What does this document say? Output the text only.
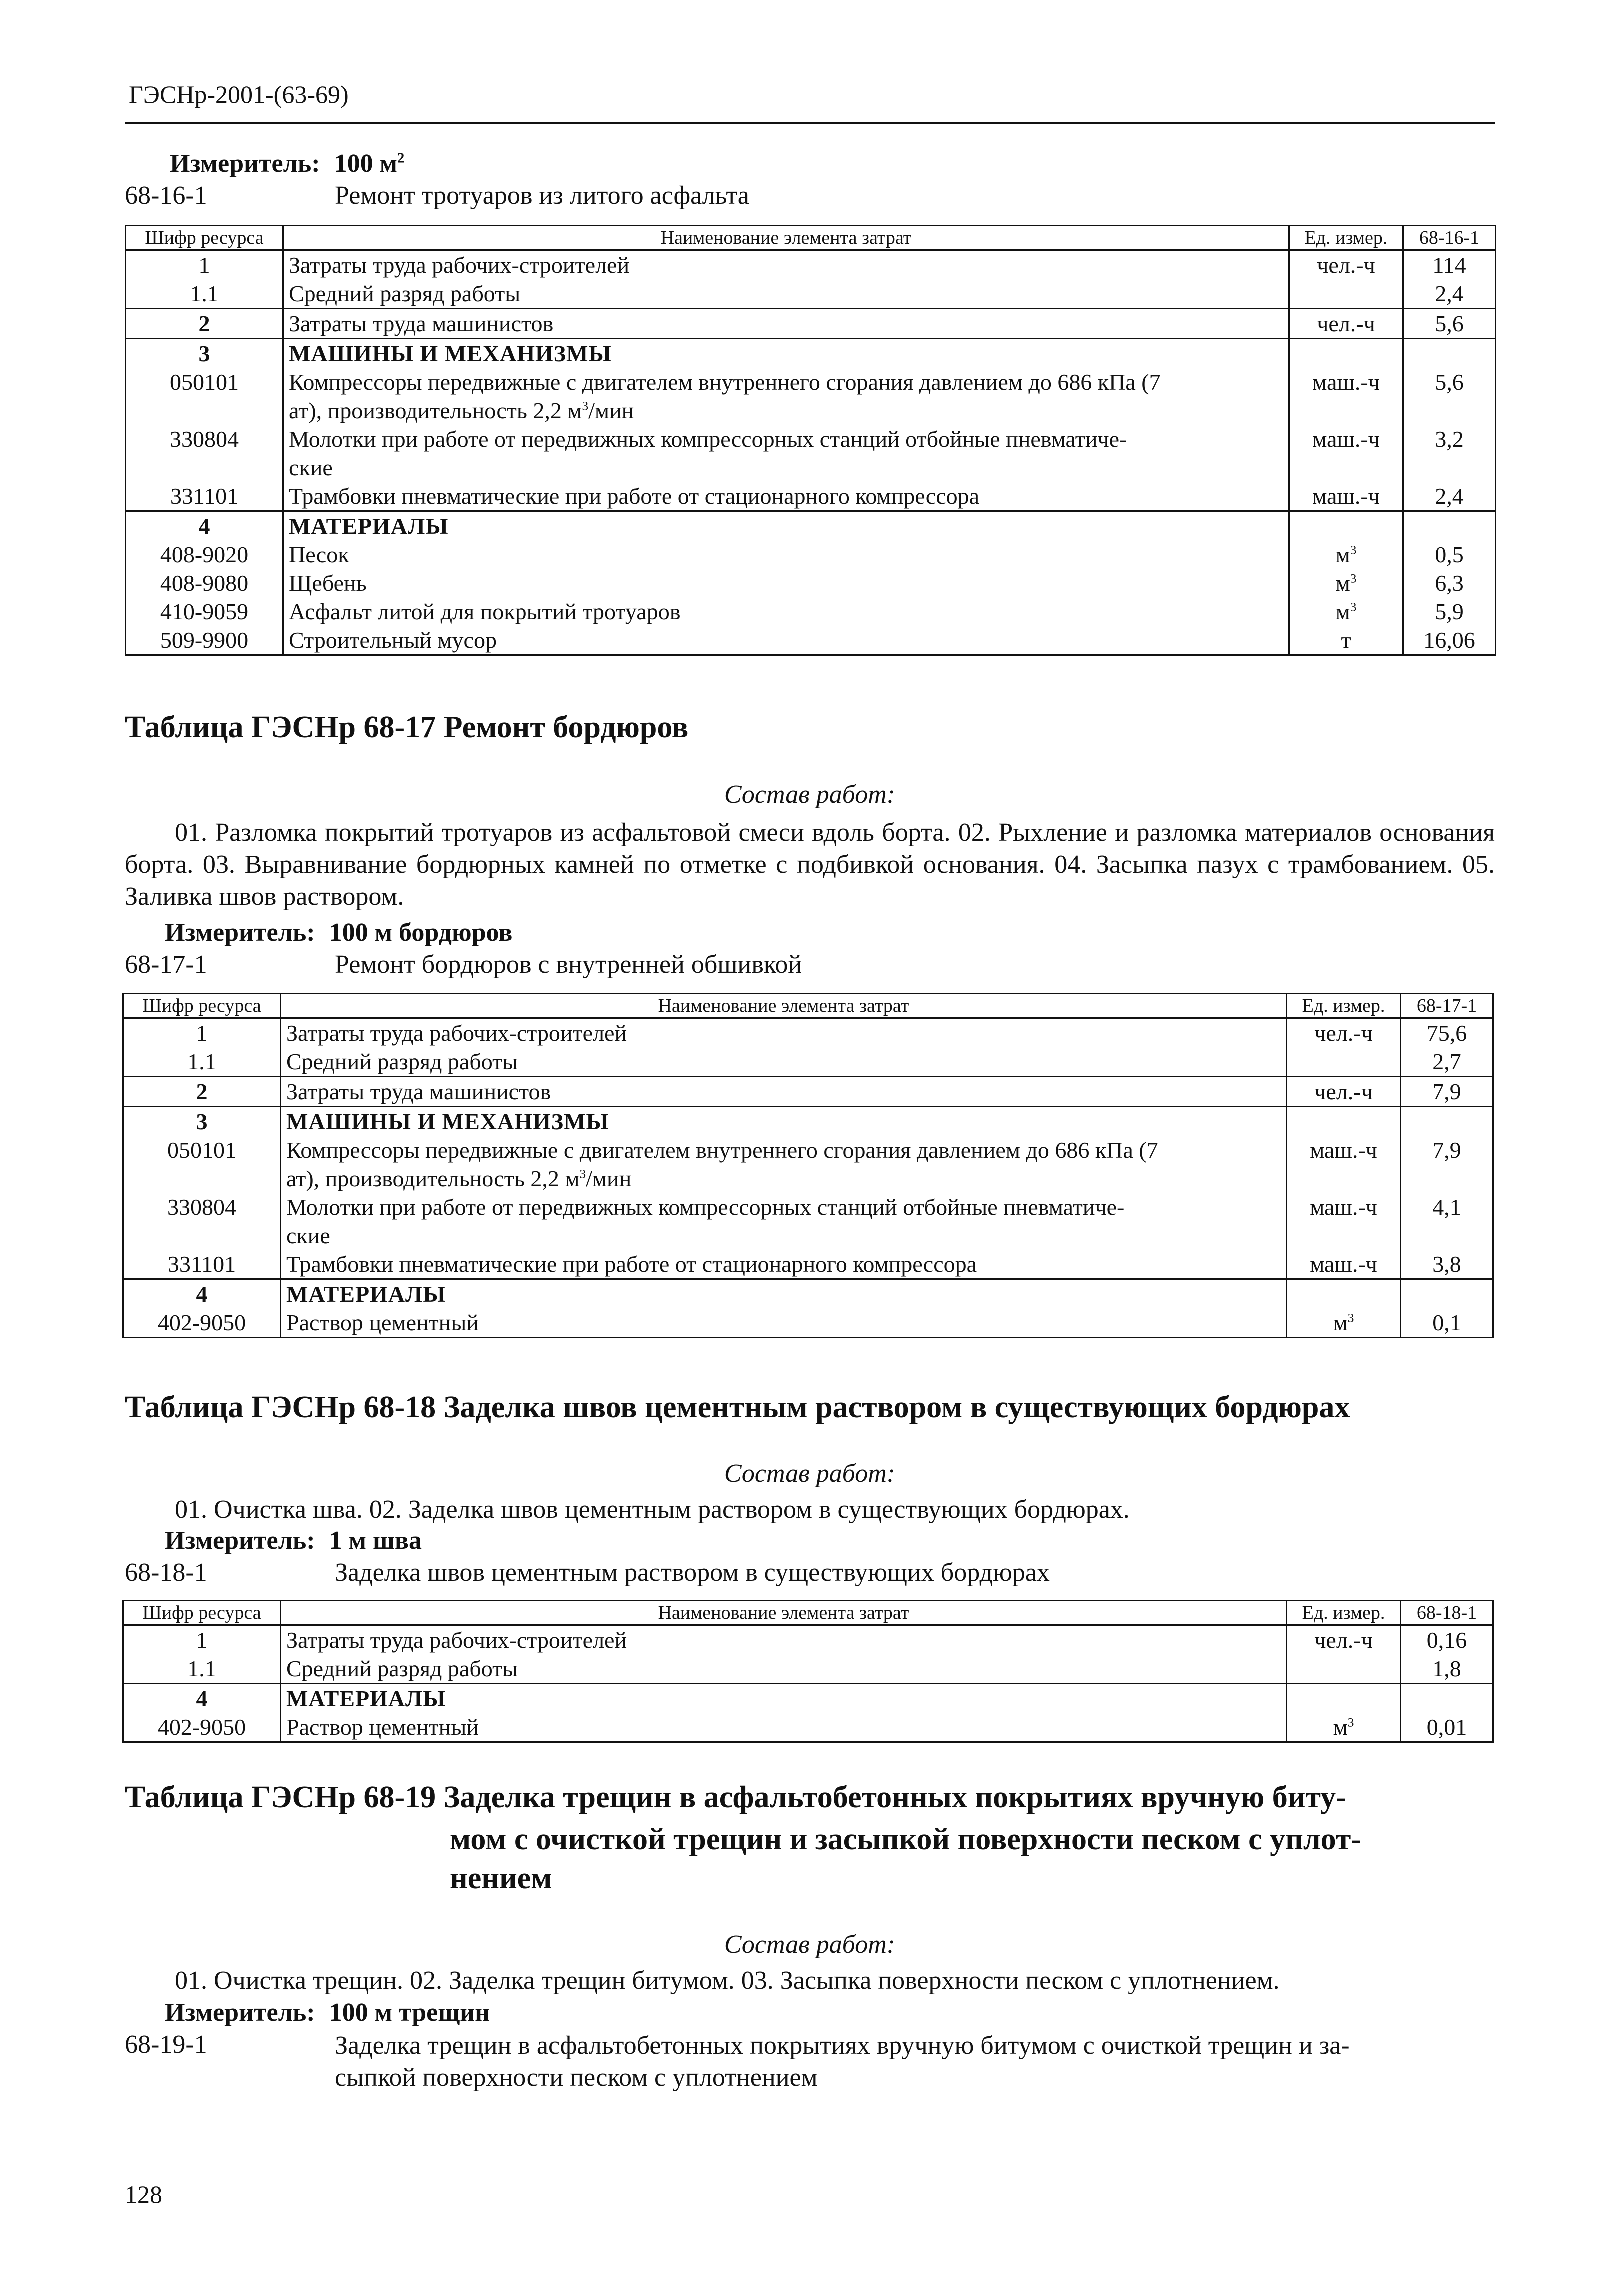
ГЭСНр-2001-(63-69)
Измеритель: 100 $м^2$
68-16-1	Ремонт тротуаров из литого асфальта
Шифр ресурса	Наименование элемента затрат	Ед. измер.	68-16-1
1	Затраты труда рабочих-строителей	чел.-ч	114
1.1	Средний разряд работы		2,4
2	Затраты труда машинистов	чел.-ч	5,6
3	МАШИНЫ И МЕХАНИЗМЫ		
050101	Компрессоры передвижные с двигателем внутреннего сгорания давлением до 686 кПа (7
ат), производительность 2,2 $м^3$/мин	маш.-ч	5,6
330804	Молотки при работе от передвижных компрессорных станций отбойные пневматиче-
ские	маш.-ч	3,2
331101	Трамбовки пневматические при работе от стационарного компрессора	маш.-ч	2,4
4	МАТЕРИАЛЫ		
408-9020	Песок	$м^3$	0,5
408-9080	Щебень	$м^3$	6,3
410-9059	Асфальт литой для покрытий тротуаров	$м^3$	5,9
509-9900	Строительный мусор	т	16,06
Таблица ГЭСНр 68-17 Ремонт бордюров
Состав работ:
01. Разломка покрытий тротуаров из асфальтовой смеси вдоль борта. 02. Рыхление и разломка материалов основания борта. 03. Выравнивание бордюрных камней по отметке с подбивкой основания. 04. Засыпка пазух с трамбованием. 05. Заливка швов раствором.
Измеритель: 100 м бордюров
68-17-1	Ремонт бордюров с внутренней обшивкой
Шифр ресурса	Наименование элемента затрат	Ед. измер.	68-17-1
1	Затраты труда рабочих-строителей	чел.-ч	75,6
1.1	Средний разряд работы		2,7
2	Затраты труда машинистов	чел.-ч	7,9
3	МАШИНЫ И МЕХАНИЗМЫ		
050101	Компрессоры передвижные с двигателем внутреннего сгорания давлением до 686 кПа (7
ат), производительность 2,2 $м^3$/мин	маш.-ч	7,9
330804	Молотки при работе от передвижных компрессорных станций отбойные пневматиче-
ские	маш.-ч	4,1
331101	Трамбовки пневматические при работе от стационарного компрессора	маш.-ч	3,8
4	МАТЕРИАЛЫ		
402-9050	Раствор цементный	$м^3$	0,1
Таблица ГЭСНр 68-18 Заделка швов цементным раствором в существующих бордюрах
Состав работ:
01. Очистка шва. 02. Заделка швов цементным раствором в существующих бордюрах.
Измеритель: 1 м шва
68-18-1	Заделка швов цементным раствором в существующих бордюрах
Шифр ресурса	Наименование элемента затрат	Ед. измер.	68-18-1
1	Затраты труда рабочих-строителей	чел.-ч	0,16
1.1	Средний разряд работы		1,8
4	МАТЕРИАЛЫ		
402-9050	Раствор цементный	$м^3$	0,01
Таблица ГЭСНр 68-19 Заделка трещин в асфальтобетонных покрытиях вручную биту-
мом с очисткой трещин и засыпкой поверхности песком с уплот-
нением
Состав работ:
01. Очистка трещин. 02. Заделка трещин битумом. 03. Засыпка поверхности песком с уплотнением.
Измеритель: 100 м трещин
68-19-1	Заделка трещин в асфальтобетонных покрытиях вручную битумом с очисткой трещин и за-
сыпкой поверхности песком с уплотнением
128
